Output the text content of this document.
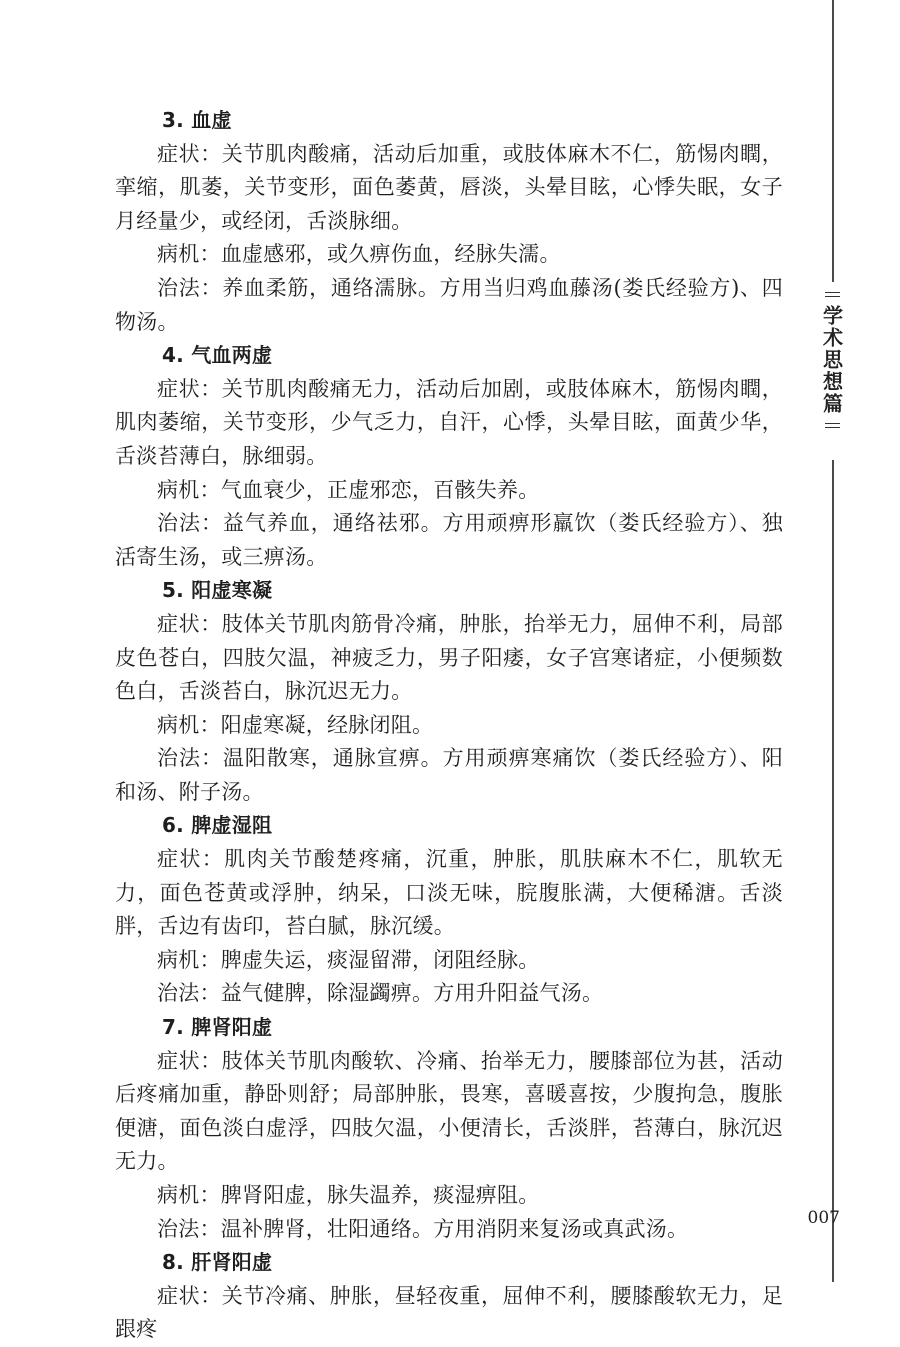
学术思想篇

3. 血虚

症状：关节肌肉酸痛，活动后加重，或肢体麻木不仁，筋惕肉瞤，挛缩，肌萎，关节变形，面色萎黄，唇淡，头晕目眩，心悸失眠，女子月经量少，或经闭，舌淡脉细。

病机：血虚感邪，或久痹伤血，经脉失濡。

治法：养血柔筋，通络濡脉。方用当归鸡血藤汤(娄氏经验方)、四物汤。

4. 气血两虚

症状：关节肌肉酸痛无力，活动后加剧，或肢体麻木，筋惕肉瞤，肌肉萎缩，关节变形，少气乏力，自汗，心悸，头晕目眩，面黄少华，舌淡苔薄白，脉细弱。

病机：气血衰少，正虚邪恋，百骸失养。

治法：益气养血，通络祛邪。方用顽痹形羸饮（娄氏经验方）、独活寄生汤，或三痹汤。

5. 阳虚寒凝

症状：肢体关节肌肉筋骨冷痛，肿胀，抬举无力，屈伸不利，局部皮色苍白，四肢欠温，神疲乏力，男子阳痿，女子宫寒诸症，小便频数色白，舌淡苔白，脉沉迟无力。

病机：阳虚寒凝，经脉闭阻。

治法：温阳散寒，通脉宣痹。方用顽痹寒痛饮（娄氏经验方）、阳和汤、附子汤。

6. 脾虚湿阻

症状：肌肉关节酸楚疼痛，沉重，肿胀，肌肤麻木不仁，肌软无力，面色苍黄或浮肿，纳呆，口淡无味，脘腹胀满，大便稀溏。舌淡胖，舌边有齿印，苔白腻，脉沉缓。

病机：脾虚失运，痰湿留滞，闭阻经脉。

治法：益气健脾，除湿蠲痹。方用升阳益气汤。

7. 脾肾阳虚

症状：肢体关节肌肉酸软、冷痛、抬举无力，腰膝部位为甚，活动后疼痛加重，静卧则舒；局部肿胀，畏寒，喜暖喜按，少腹拘急，腹胀便溏，面色淡白虚浮，四肢欠温，小便清长，舌淡胖，苔薄白，脉沉迟无力。

病机：脾肾阳虚，脉失温养，痰湿痹阻。

治法：温补脾肾，壮阳通络。方用消阴来复汤或真武汤。

8. 肝肾阳虚

症状：关节冷痛、肿胀，昼轻夜重，屈伸不利，腰膝酸软无力，足跟疼

007
